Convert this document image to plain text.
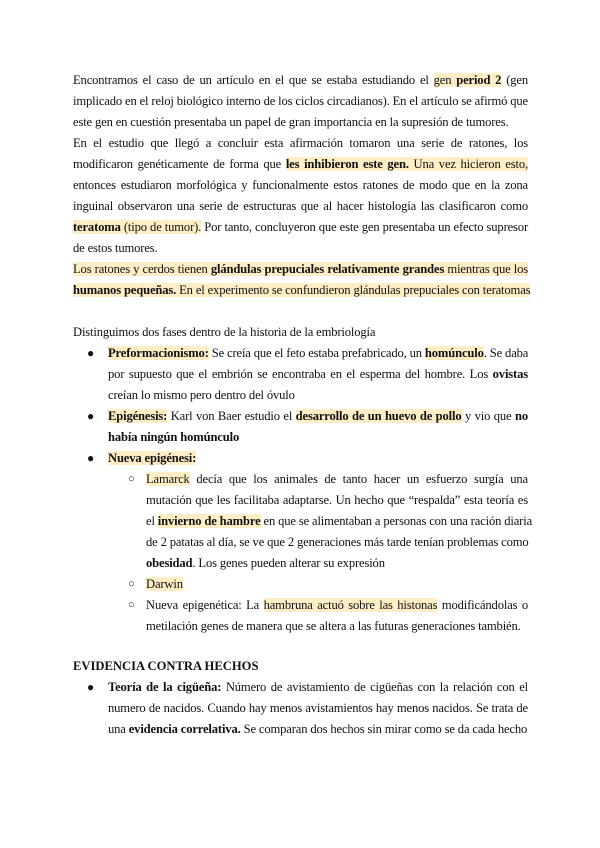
Encontramos el caso de un artículo en el que se estaba estudiando el gen period 2 (gen
implicado en el reloj biológico interno de los ciclos circadianos). En el artículo se afirmó que
este gen en cuestión presentaba un papel de gran importancia en la supresión de tumores.
En el estudio que llegó a concluir esta afirmación tomaron una serie de ratones, los
modificaron genéticamente de forma que les inhibieron este gen. Una vez hicieron esto,
entonces estudiaron morfológica y funcionalmente estos ratones de modo que en la zona
inguinal observaron una serie de estructuras que al hacer histología las clasificaron como
teratoma (tipo de tumor). Por tanto, concluyeron que este gen presentaba un efecto supresor
de estos tumores.
Los ratones y cerdos tienen glándulas prepuciales relativamente grandes mientras que los
humanos pequeñas. En el experimento se confundieron glándulas prepuciales con teratomas
Distinguimos dos fases dentro de la historia de la embriología
● Preformacionismo: Se creía que el feto estaba prefabricado, un homúnculo. Se daba
por supuesto que el embrión se encontraba en el esperma del hombre. Los ovistas
creían lo mismo pero dentro del óvulo
● Epigénesis: Karl von Baer estudio el desarrollo de un huevo de pollo y vio que no
había ningún homúnculo
● Nueva epigénesi:
○ Lamarck decía que los animales de tanto hacer un esfuerzo surgía una
mutación que les facilitaba adaptarse. Un hecho que “respalda” esta teoría es
el invierno de hambre en que se alimentaban a personas con una ración diaria
de 2 patatas al día, se ve que 2 generaciones más tarde tenían problemas como
obesidad. Los genes pueden alterar su expresión
○ Darwin
○ Nueva epigenética: La hambruna actuó sobre las histonas modificándolas o
metilación genes de manera que se altera a las futuras generaciones también.
EVIDENCIA CONTRA HECHOS
● Teoría de la cigüeña: Número de avistamiento de cigüeñas con la relación con el
numero de nacidos. Cuando hay menos avistamientos hay menos nacidos. Se trata de
una evidencia correlativa. Se comparan dos hechos sin mirar como se da cada hecho
